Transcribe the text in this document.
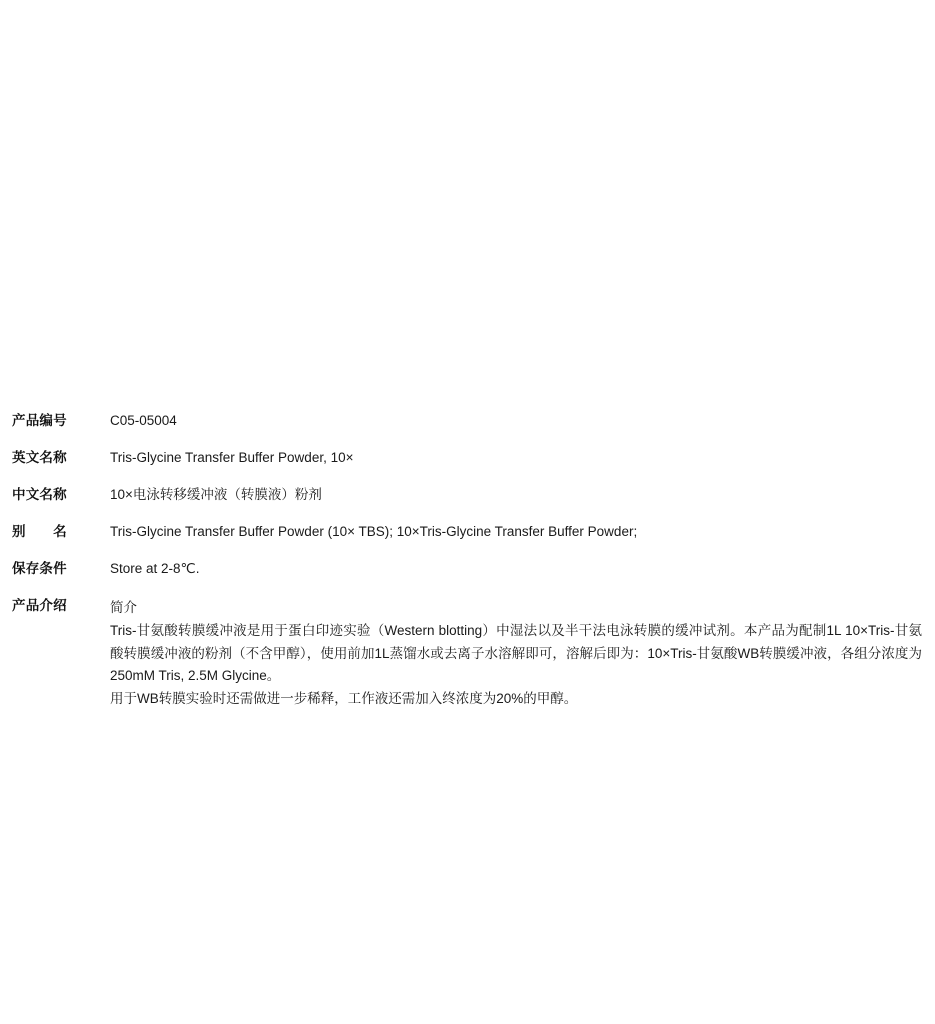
产品编号	C05-05004
英文名称	Tris-Glycine Transfer Buffer Powder, 10×
中文名称	10×电泳转移缓冲液（转膜液）粉剂
别　　名	Tris-Glycine Transfer Buffer Powder (10× TBS); 10×Tris-Glycine Transfer Buffer Powder;
保存条件	Store at 2-8℃.
产品介绍	简介
Tris-甘氨酸转膜缓冲液是用于蛋白印迹实验（Western blotting）中湿法以及半干法电泳转膜的缓冲试剂。本产品为配制1L 10×Tris-甘氨酸转膜缓冲液的粉剂（不含甲醇），使用前加1L蒸馏水或去离子水溶解即可，溶解后即为：10×Tris-甘氨酸WB转膜缓冲液，各组分浓度为250mM Tris, 2.5M Glycine。
用于WB转膜实验时还需做进一步稀释，工作液还需加入终浓度为20%的甲醇。
